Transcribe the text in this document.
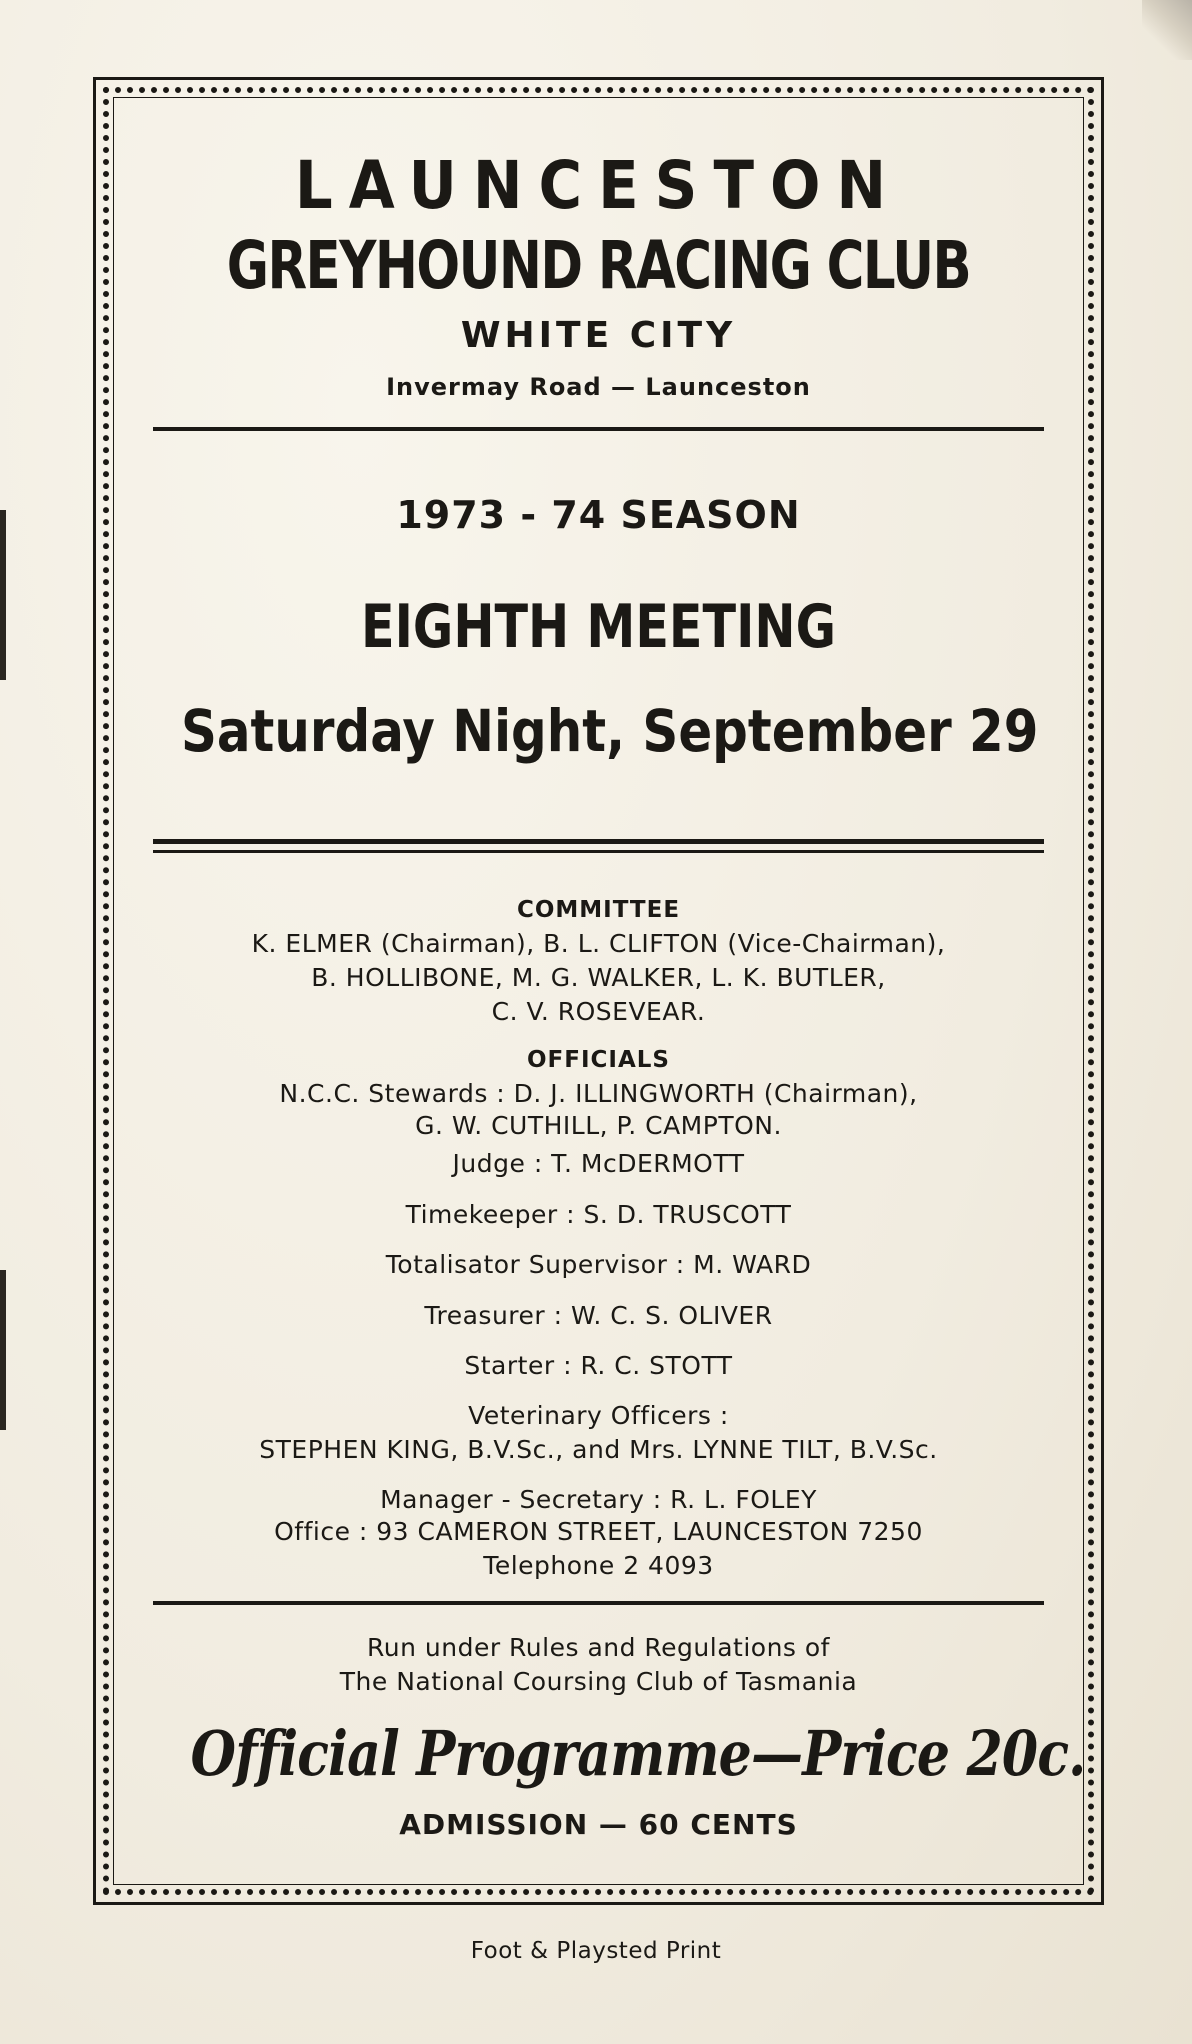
LAUNCESTON
GREYHOUND RACING CLUB
WHITE CITY
Invermay Road — Launceston
1973 - 74 SEASON
EIGHTH MEETING
Saturday Night, September 29
COMMITTEE
K. ELMER (Chairman), B. L. CLIFTON (Vice-Chairman),
B. HOLLIBONE, M. G. WALKER, L. K. BUTLER,
C. V. ROSEVEAR.
OFFICIALS
N.C.C. Stewards : D. J. ILLINGWORTH (Chairman),
G. W. CUTHILL, P. CAMPTON.
Judge : T. McDERMOTT
Timekeeper : S. D. TRUSCOTT
Totalisator Supervisor : M. WARD
Treasurer : W. C. S. OLIVER
Starter : R. C. STOTT
Veterinary Officers :
STEPHEN KING, B.V.Sc., and Mrs. LYNNE TILT, B.V.Sc.
Manager - Secretary : R. L. FOLEY
Office : 93 CAMERON STREET, LAUNCESTON 7250
Telephone 2 4093
Run under Rules and Regulations of
The National Coursing Club of Tasmania
Official Programme—Price 20c.
ADMISSION — 60 CENTS
Foot & Playsted Print
